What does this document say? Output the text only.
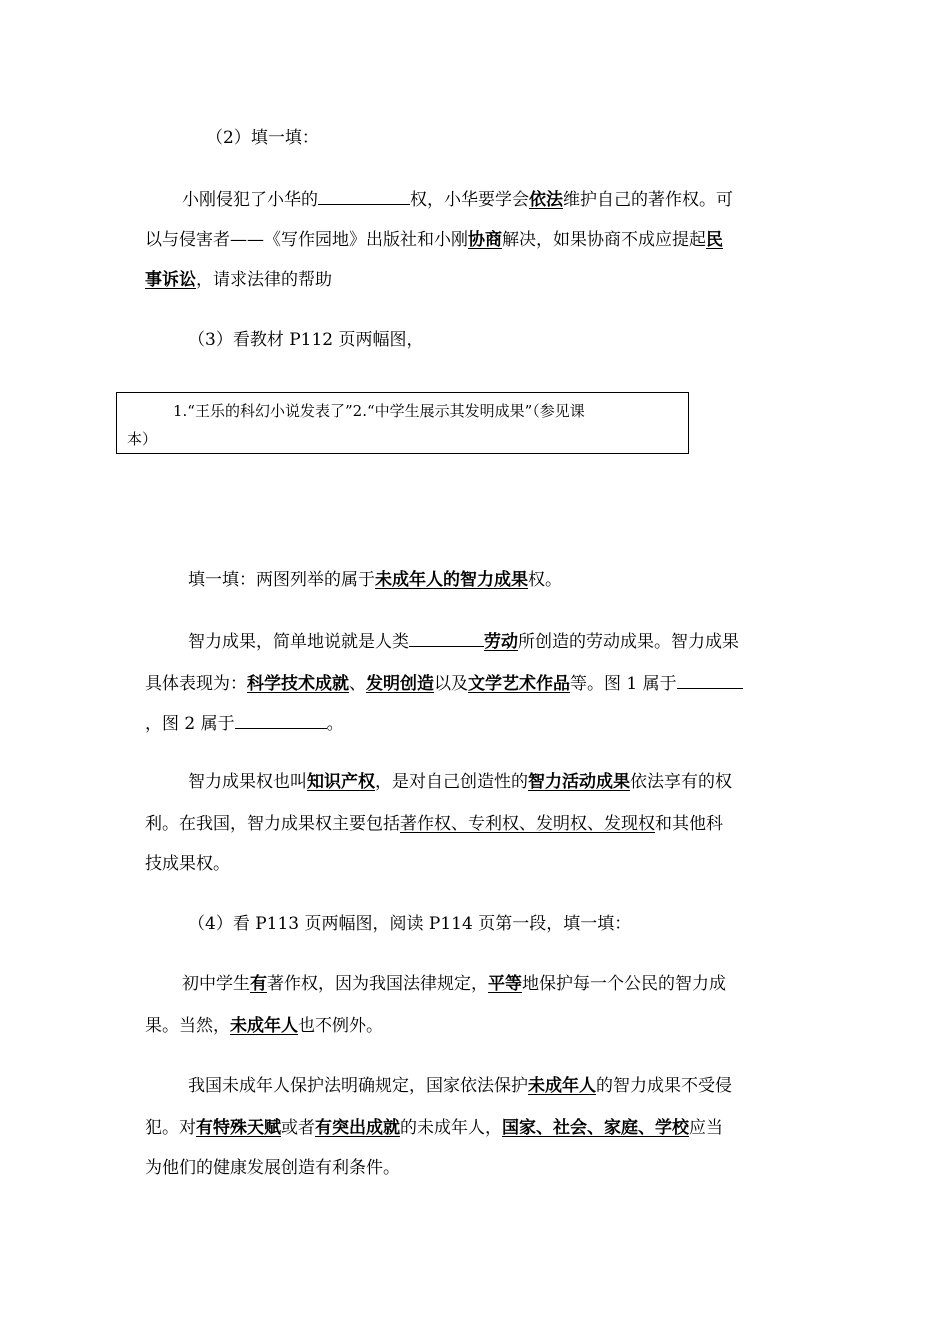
（2）填一填：
小刚侵犯了小华的	权，小华要学会依法维护自己的著作权。可
以与侵害者——《写作园地》出版社和小刚协商解决，如果协商不成应提起民
事诉讼，请求法律的帮助
（3）看教材 P112 页两幅图，
1.“王乐的科幻小说发表了”2.“中学生展示其发明成果”（参见课
本）
填一填：两图列举的属于未成年人的智力成果权。
智力成果，简单地说就是人类	劳动所创造的劳动成果。智力成果
具体表现为：科学技术成就、发明创造以及文学艺术作品等。图 1 属于
，图 2 属于	。
智力成果权也叫知识产权，是对自己创造性的智力活动成果依法享有的权
利。在我国，智力成果权主要包括著作权、专利权、发明权、发现权和其他科
技成果权。
（4）看 P113 页两幅图，阅读 P114 页第一段，填一填：
初中学生有著作权，因为我国法律规定，平等地保护每一个公民的智力成
果。当然，未成年人也不例外。
我国未成年人保护法明确规定，国家依法保护未成年人的智力成果不受侵
犯。对有特殊天赋或者有突出成就的未成年人，国家、社会、家庭、学校应当
为他们的健康发展创造有利条件。
